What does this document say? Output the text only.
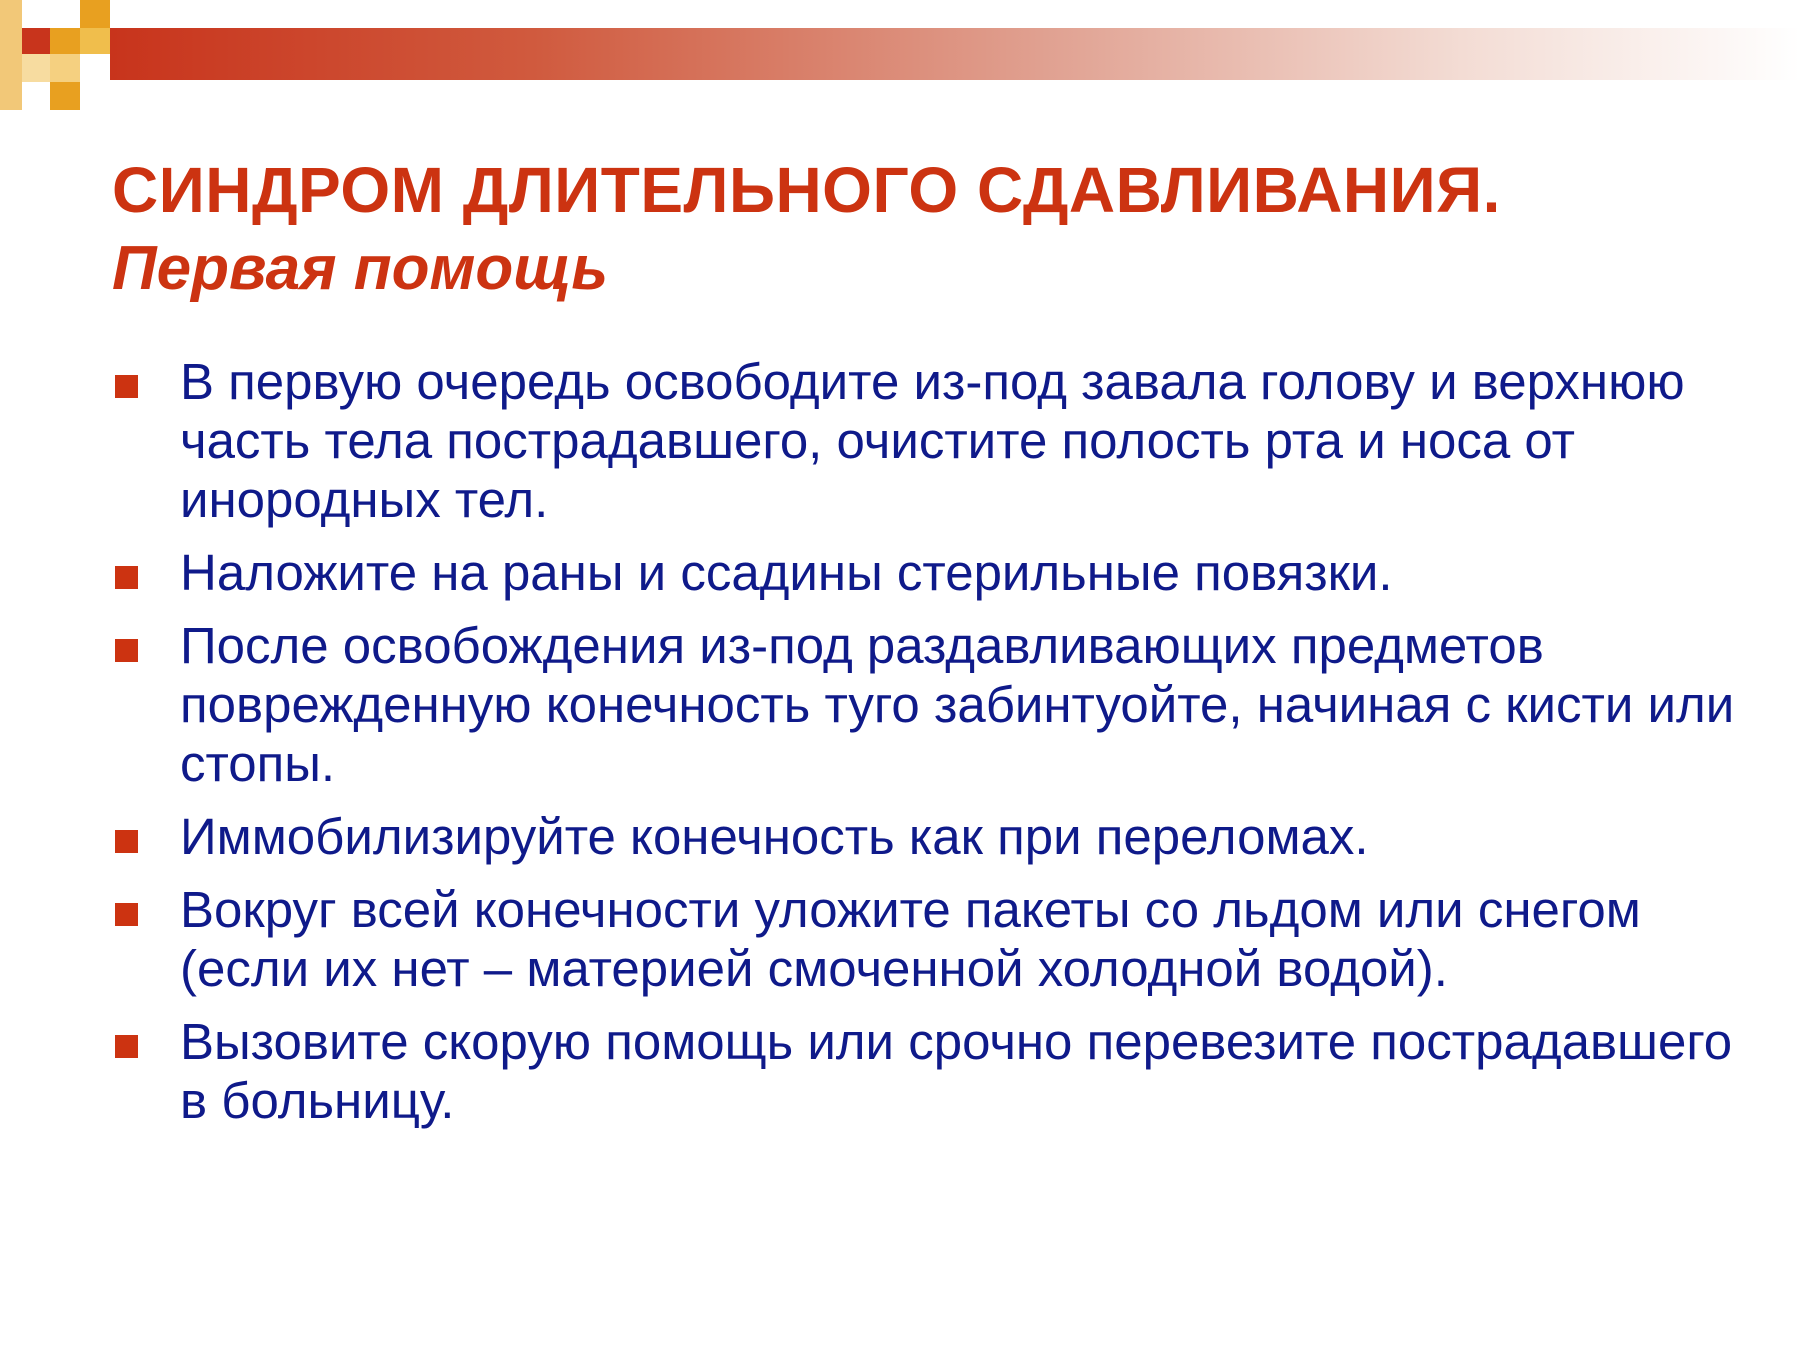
СИНДРОМ ДЛИТЕЛЬНОГО СДАВЛИВАНИЯ.
Первая помощь
В первую очередь освободите из-под завала голову и верхнюю часть тела пострадавшего, очистите полость рта и носа от инородных тел.
Наложите на раны и ссадины стерильные повязки.
После освобождения из-под раздавливающих предметов поврежденную конечность туго забинтуойте, начиная с кисти или стопы.
Иммобилизируйте конечность как при переломах.
Вокруг всей конечности уложите пакеты со льдом или снегом (если их нет – материей смоченной холодной водой).
Вызовите скорую помощь или срочно перевезите пострадавшего в больницу.
